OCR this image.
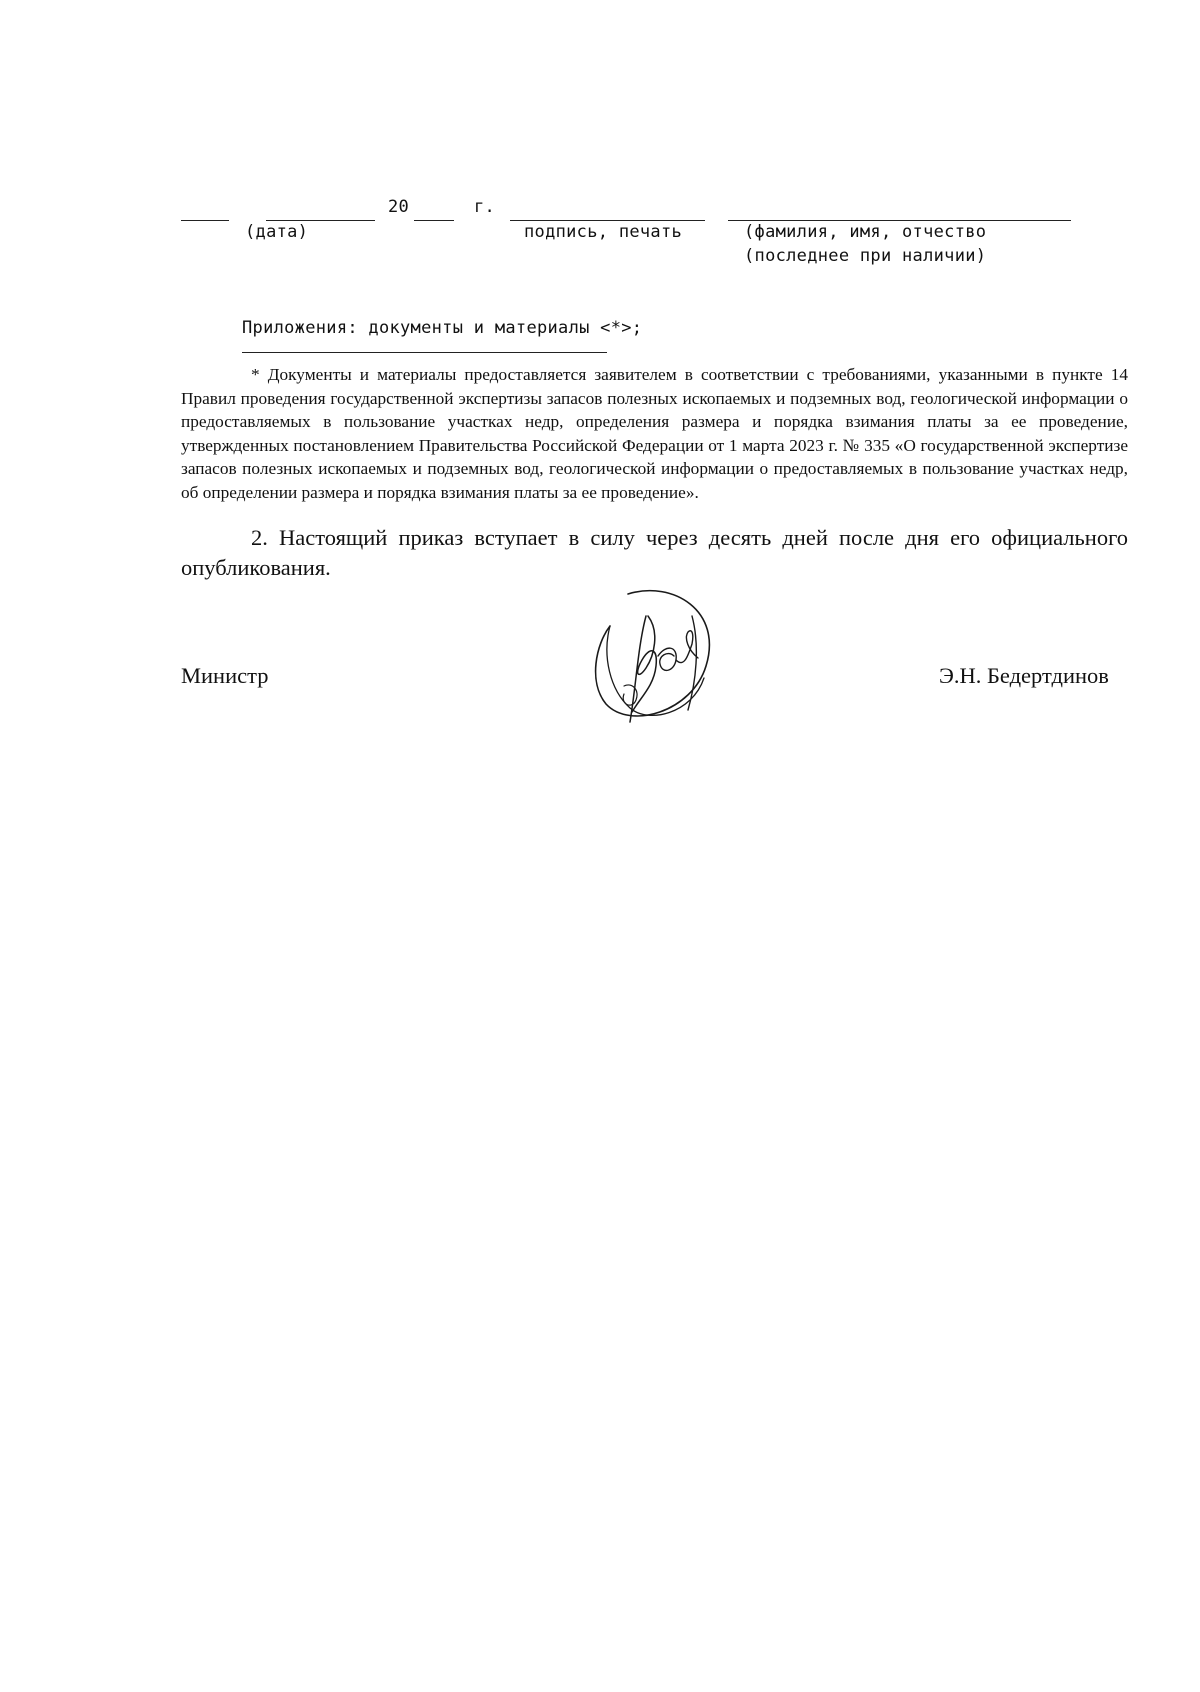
20	г.
(дата)	подпись, печать	(фамилия, имя, отчество
(последнее при наличии)
Приложения: документы и материалы <*>;
* Документы и материалы предоставляется заявителем в соответствии с требованиями, указанными в пункте 14 Правил проведения государственной экспертизы запасов полезных ископаемых и подземных вод, геологической информации о предоставляемых в пользование участках недр, определения размера и порядка взимания платы за ее проведение, утвержденных постановлением Правительства Российской Федерации от 1 марта 2023 г. № 335 «О государственной экспертизе запасов полезных ископаемых и подземных вод, геологической информации о предоставляемых в пользование участках недр, об определении размера и порядка взимания платы за ее проведение».
2. Настоящий приказ вступает в силу через десять дней после дня его официального опубликования.
Министр	Э.Н. Бедертдинов
